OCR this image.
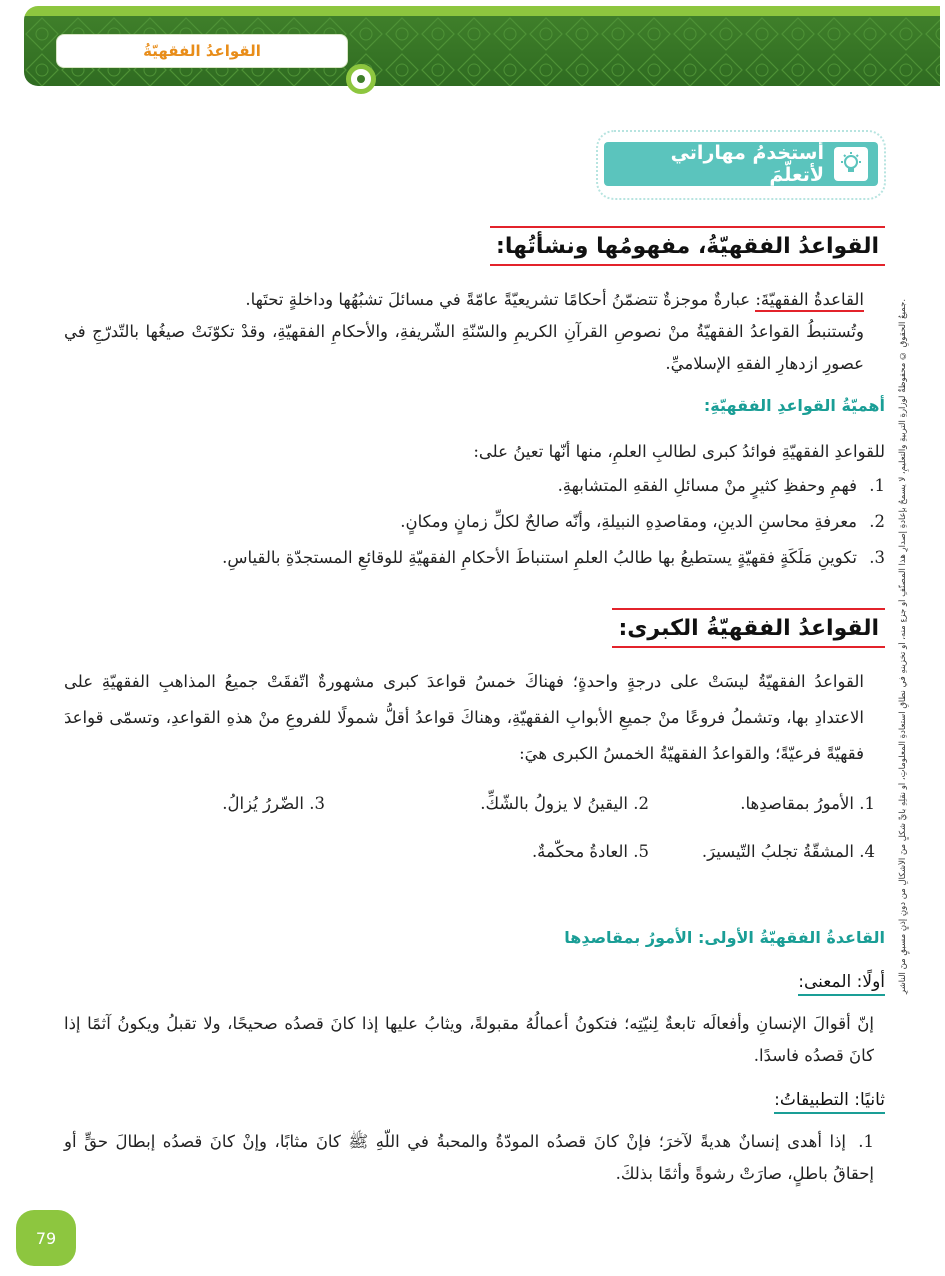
القواعدُ الفقهيّةُ
أستخدمُ مهاراتي لأتعلّمَ
القواعدُ الفقهيّةُ، مفهومُها ونشأتُها:
القاعدةُ الفقهيّةَ: عبارةٌ موجزةٌ تتضمّنُ أحكامًا تشريعيّةً عامّةً في مسائلَ تشبُهُها وداخلةٍ تحتَها.
وتُستنبطُ القواعدُ الفقهيّةُ منْ نصوصِ القرآنِ الكريمِ والسّنّةِ الشّريفةِ، والأحكامِ الفقهيّةِ، وقدْ تكوّنَتْ صيغُها بالتّدرّجِ في عصورِ ازدهارِ الفقهِ الإسلاميِّ.
أهميّةُ القواعدِ الفقهيّةِ:
للقواعدِ الفقهيّةِ فوائدُ كبرى لطالبِ العلمِ، منها أنّها تعينُ على:
1.فهمِ وحفظِ كثيرٍ منْ مسائلِ الفقهِ المتشابهةِ.
2.معرفةِ محاسنِ الدينِ، ومقاصدِهِ النبيلةِ، وأنّه صالحٌ لكلِّ زمانٍ ومكانٍ.
3.تكوينِ مَلَكَةٍ فقهيّةٍ يستطيعُ بها طالبُ العلمِ استنباطَ الأحكامِ الفقهيّةِ للوقائعِ المستجدّةِ بالقياسِ.
القواعدُ الفقهيّةُ الكبرى:
القواعدُ الفقهيّةُ ليسَتْ على درجةٍ واحدةٍ؛ فهناكَ خمسُ قواعدَ كبرى مشهورةٌ اتّفقَتْ جميعُ المذاهبِ الفقهيّةِ على الاعتدادِ بها، وتشملُ فروعًا منْ جميعِ الأبوابِ الفقهيّةِ، وهناكَ قواعدُ أقلُّ شمولًا للفروعِ منْ هذهِ القواعدِ، وتسمّى قواعدَ فقهيّةً فرعيّةً؛ والقواعدُ الفقهيّةُ الخمسُ الكبرى هيَ:
1. الأمورُ بمقاصدِها.
2. اليقينُ لا يزولُ بالشّكِّ.
3. الضّررُ يُزالُ.
4. المشقّةُ تجلبُ التّيسيرَ.
5. العادةُ محكّمةٌ.
القاعدةُ الفقهيّةُ الأولى: الأمورُ بمقاصدِها
أولًا: المعنى:
إنّ أقوالَ الإنسانِ وأفعالَه تابعةٌ لِنيّتِه؛ فتكونُ أعمالُهُ مقبولةً، ويثابُ عليها إذا كانَ قصدُه صحيحًا، ولا تقبلُ ويكونُ آثمًا إذا كانَ قصدُه فاسدًا.
ثانيًا: التطبيقاتُ:
1.إذا أهدى إنسانٌ هديةً لآخرَ؛ فإنْ كانَ قصدُه المودّةُ والمحبةُ في اللّهِ ﷺ كانَ مثابًا، وإنْ كانَ قصدُه إبطالَ حقٍّ أو إحقاقُ باطلٍ، صارَتْ رشوةً وأثمًا بذلكَ.
جميعُ الحقوقِ © محفوظةٌ لوزارةِ التربيةِ والتعليمِ، لا يسمحُ بإعادةِ إصدارِ هذا المصنّفِ أو جزءٍ منه، أو تخزينهِ في نطاقِ استعادةِ المعلوماتِ، أو نقلِهِ بأيِّ شكلٍ منَ الأشكالِ من دونِ إذنٍ مسبقٍ منَ الناشرِ.
79
